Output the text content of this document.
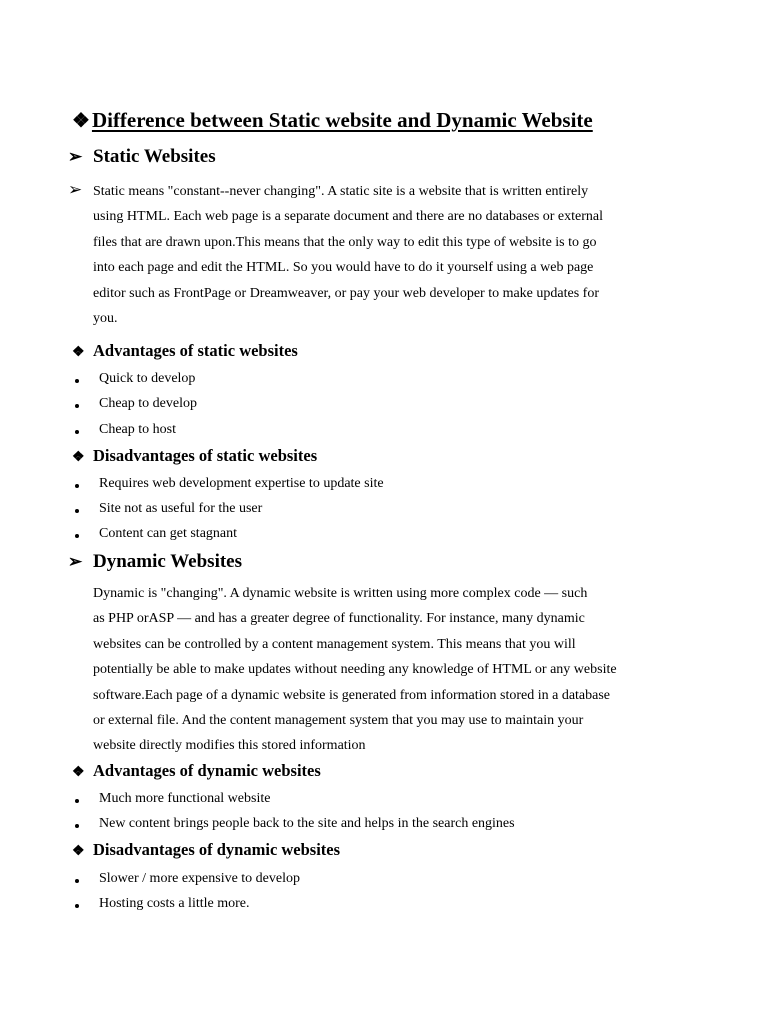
❖Difference between Static website and Dynamic Website
➢ Static Websites
➢ Static means "constant--never changing". A static site is a website that is written entirely
using HTML. Each web page is a separate document and there are no databases or external
files that are drawn upon.This means that the only way to edit this type of website is to go
into each page and edit the HTML. So you would have to do it yourself using a web page
editor such as FrontPage or Dreamweaver, or pay your web developer to make updates for
you.
❖ Advantages of static websites
Quick to develop
Cheap to develop
Cheap to host
❖ Disadvantages of static websites
Requires web development expertise to update site
Site not as useful for the user
Content can get stagnant
➢ Dynamic Websites
Dynamic is "changing". A dynamic website is written using more complex code — such
as PHP orASP — and has a greater degree of functionality. For instance, many dynamic
websites can be controlled by a content management system. This means that you will
potentially be able to make updates without needing any knowledge of HTML or any website
software.Each page of a dynamic website is generated from information stored in a database
or external file. And the content management system that you may use to maintain your
website directly modifies this stored information
❖ Advantages of dynamic websites
Much more functional website
New content brings people back to the site and helps in the search engines
❖ Disadvantages of dynamic websites
Slower / more expensive to develop
Hosting costs a little more.
